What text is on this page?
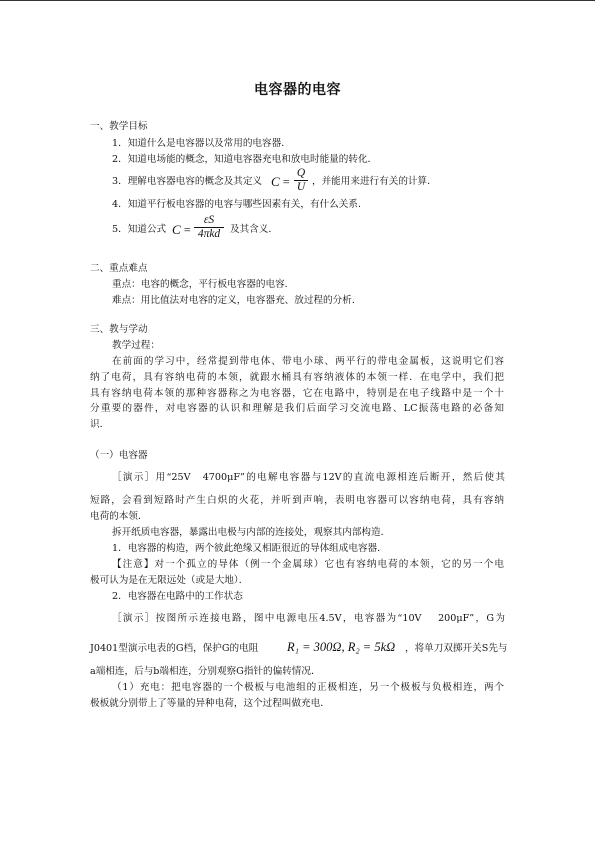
电容器的电容
一、教学目标
1．知道什么是电容器以及常用的电容器．
2．知道电场能的概念，知道电容器充电和放电时能量的转化．
3．理解电容器电容的概念及其定义 C =
Q
U ，并能用来进行有关的计算．
4．知道平行板电容器的电容与哪些因素有关，有什么关系．
5．知道公式 C =
εS
4πkd	及其含义．
二、重点难点
重点：电容的概念，平行板电容器的电容．
难点：用比值法对电容的定义，电容器充、放过程的分析．
三、教与学动
教学过程：
在前面的学习中，经常提到带电体、带电小球、两平行的带电金属板，这说明它们容
纳了电荷，具有容纳电荷的本领，就跟水桶具有容纳液体的本领一样．在电学中，我们把
具有容纳电荷本领的那种容器称之为电容器，它在电路中，特别是在电子线路中是一个十
分重要的器件，对电容器的认识和理解是我们后面学习交流电路、LC振荡电路的必备知
识．
（一）电容器
［演示］用“25V　4700μF”的电解电容器与12V的直流电源相连后断开，然后使其
短路，会看到短路时产生白炽的火花，并听到声响，表明电容器可以容纳电荷，具有容纳
电荷的本领．
拆开纸质电容器，暴露出电极与内部的连接处，观察其内部构造．
1．电容器的构造，两个彼此绝缘又相距很近的导体组成电容器．
【注意】对一个孤立的导体（例一个金属球）它也有容纳电荷的本领，它的另一个电
极可认为是在无限远处（或是大地）．
2．电容器在电路中的工作状态
［演示］按图所示连接电路，图中电源电压4.5V，电容器为“10V　 200μF”，G为
J0401型演示电表的G档，保护G的电阻 R₁ = 300Ω, R₂ = 5kΩ ，将单刀双掷开关S先与
a端相连，后与b端相连，分别观察G指针的偏转情况．
（1）充电：把电容器的一个极板与电池组的正极相连，另一个极板与负极相连，两个
极板就分别带上了等量的异种电荷，这个过程叫做充电．
